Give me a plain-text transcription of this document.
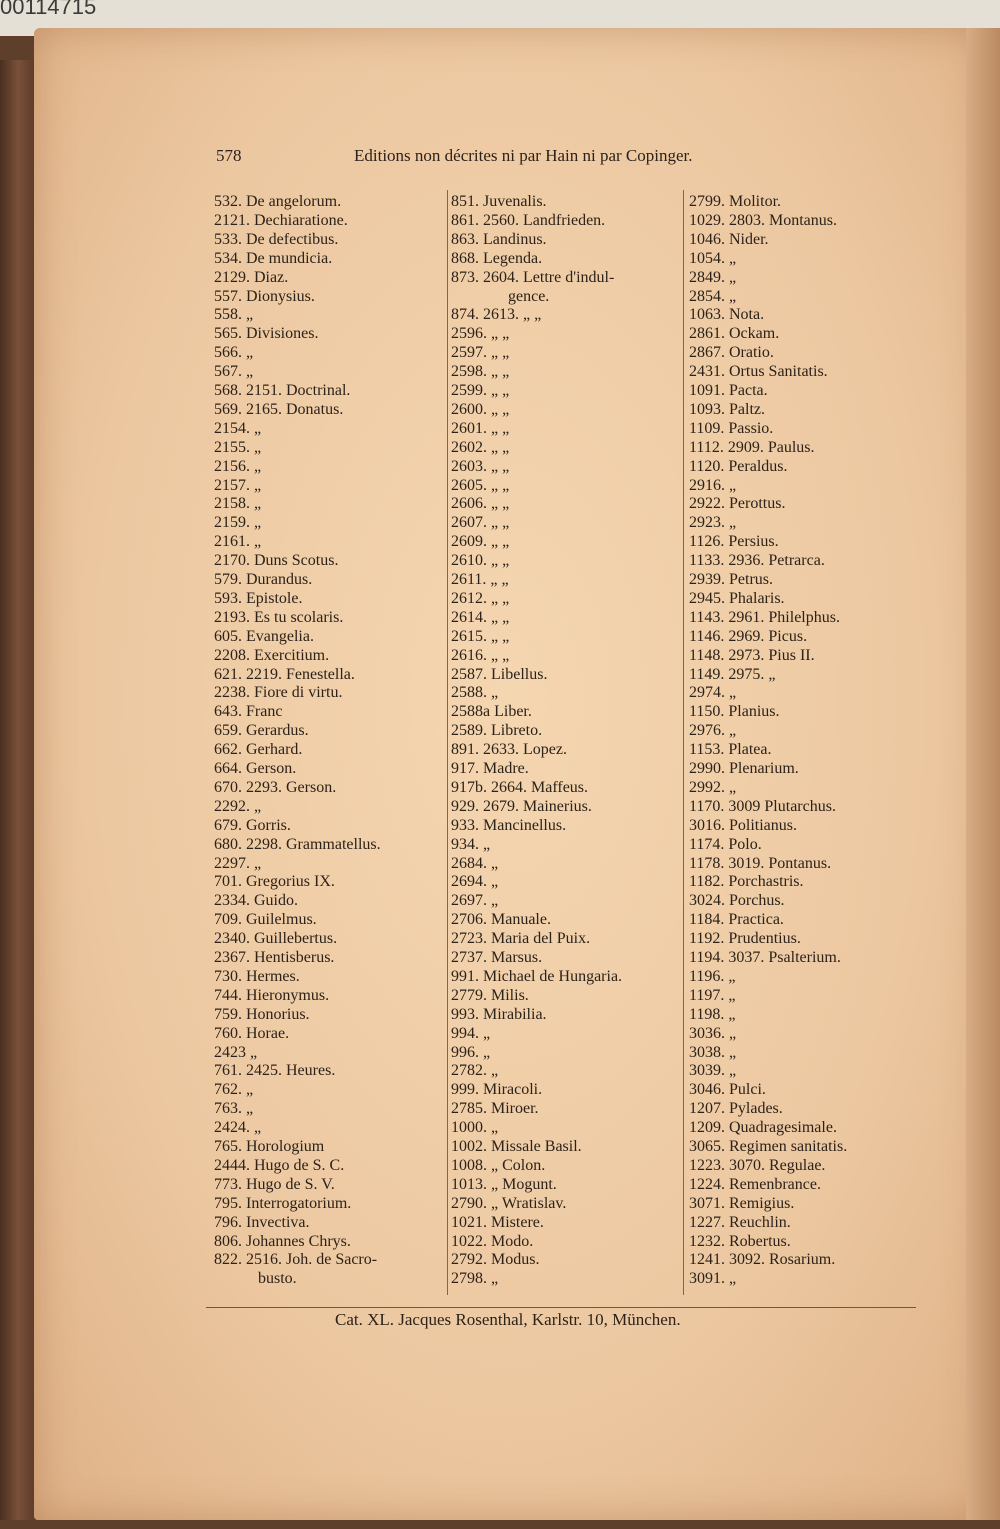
00114715
578	Editions non décrites ni par Hain ni par Copinger.
532. De angelorum.
2121. Dechiaratione.
533. De defectibus.
534. De mundicia.
2129. Diaz.
557. Dionysius.
558. „
565. Divisiones.
566. „
567. „
568. 2151. Doctrinal.
569. 2165. Donatus.
2154. „
2155. „
2156. „
2157. „
2158. „
2159. „
2161. „
2170. Duns Scotus.
579. Durandus.
593. Epistole.
2193. Es tu scolaris.
605. Evangelia.
2208. Exercitium.
621. 2219. Fenestella.
2238. Fiore di virtu.
643. Franc
659. Gerardus.
662. Gerhard.
664. Gerson.
670. 2293. Gerson.
2292. „
679. Gorris.
680. 2298. Grammatellus.
2297. „
701. Gregorius IX.
2334. Guido.
709. Guilelmus.
2340. Guillebertus.
2367. Hentisberus.
730. Hermes.
744. Hieronymus.
759. Honorius.
760. Horae.
2423 „
761. 2425. Heures.
762. „
763. „
2424. „
765. Horologium
2444. Hugo de S. C.
773. Hugo de S. V.
795. Interrogatorium.
796. Invectiva.
806. Johannes Chrys.
822. 2516. Joh. de Sacro-
busto.
851. Juvenalis.
861. 2560. Landfrieden.
863. Landinus.
868. Legenda.
873. 2604. Lettre d'indul-
gence.
874. 2613. „ „
2596. „ „
2597. „ „
2598. „ „
2599. „ „
2600. „ „
2601. „ „
2602. „ „
2603. „ „
2605. „ „
2606. „ „
2607. „ „
2609. „ „
2610. „ „
2611. „ „
2612. „ „
2614. „ „
2615. „ „
2616. „ „
2587. Libellus.
2588. „
2588a Liber.
2589. Libreto.
891. 2633. Lopez.
917. Madre.
917b. 2664. Maffeus.
929. 2679. Mainerius.
933. Mancinellus.
934. „
2684. „
2694. „
2697. „
2706. Manuale.
2723. Maria del Puix.
2737. Marsus.
991. Michael de Hungaria.
2779. Milis.
993. Mirabilia.
994. „
996. „
2782. „
999. Miracoli.
2785. Miroer.
1000. „
1002. Missale Basil.
1008. „ Colon.
1013. „ Mogunt.
2790. „ Wratislav.
1021. Mistere.
1022. Modo.
2792. Modus.
2798. „
2799. Molitor.
1029. 2803. Montanus.
1046. Nider.
1054. „
2849. „
2854. „
1063. Nota.
2861. Ockam.
2867. Oratio.
2431. Ortus Sanitatis.
1091. Pacta.
1093. Paltz.
1109. Passio.
1112. 2909. Paulus.
1120. Peraldus.
2916. „
2922. Perottus.
2923. „
1126. Persius.
1133. 2936. Petrarca.
2939. Petrus.
2945. Phalaris.
1143. 2961. Philelphus.
1146. 2969. Picus.
1148. 2973. Pius II.
1149. 2975. „
2974. „
1150. Planius.
2976. „
1153. Platea.
2990. Plenarium.
2992. „
1170. 3009 Plutarchus.
3016. Politianus.
1174. Polo.
1178. 3019. Pontanus.
1182. Porchastris.
3024. Porchus.
1184. Practica.
1192. Prudentius.
1194. 3037. Psalterium.
1196. „
1197. „
1198. „
3036. „
3038. „
3039. „
3046. Pulci.
1207. Pylades.
1209. Quadragesimale.
3065. Regimen sanitatis.
1223. 3070. Regulae.
1224. Remenbrance.
3071. Remigius.
1227. Reuchlin.
1232. Robertus.
1241. 3092. Rosarium.
3091. „
Cat. XL. Jacques Rosenthal, Karlstr. 10, München.
